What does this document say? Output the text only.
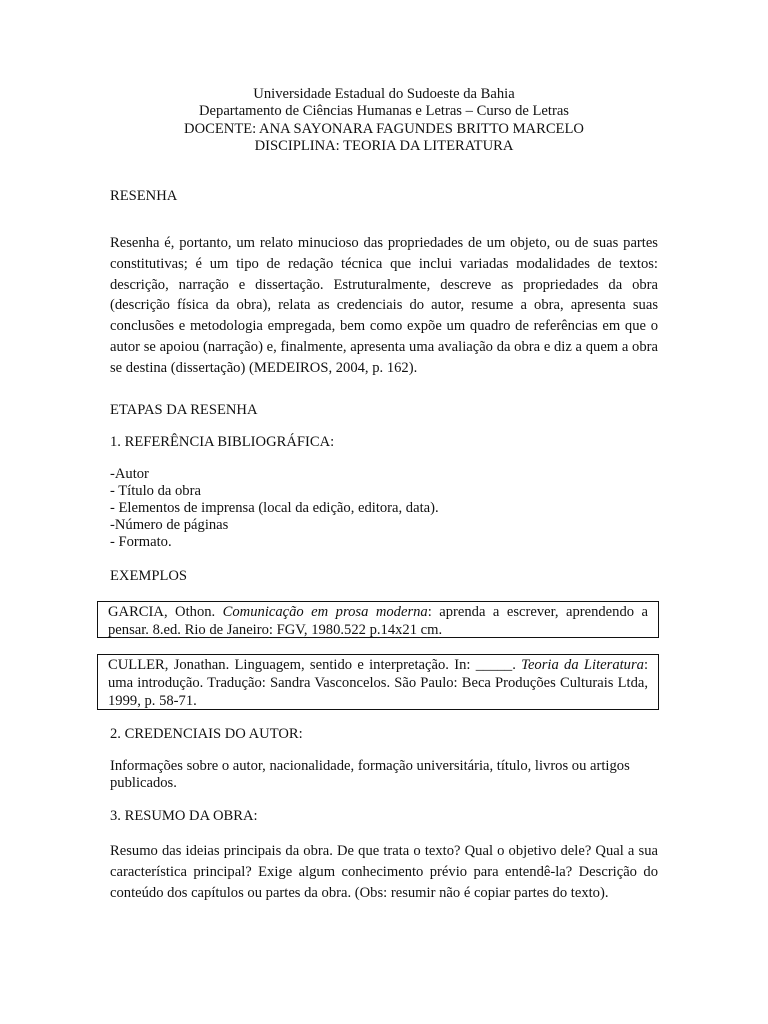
Universidade Estadual do Sudoeste da Bahia
Departamento de Ciências Humanas e Letras – Curso de Letras
DOCENTE: ANA SAYONARA FAGUNDES BRITTO MARCELO
DISCIPLINA: TEORIA DA LITERATURA
RESENHA
Resenha é, portanto, um relato minucioso das propriedades de um objeto, ou de suas partes constitutivas; é um tipo de redação técnica que inclui variadas modalidades de textos: descrição, narração e dissertação. Estruturalmente, descreve as propriedades da obra (descrição física da obra), relata as credenciais do autor, resume a obra, apresenta suas conclusões e metodologia empregada, bem como expõe um quadro de referências em que o autor se apoiou (narração) e, finalmente, apresenta uma avaliação da obra e diz a quem a obra se destina (dissertação) (MEDEIROS, 2004, p. 162).
ETAPAS DA RESENHA
1. REFERÊNCIA BIBLIOGRÁFICA:
-Autor
- Título da obra
- Elementos de imprensa (local da edição, editora, data).
-Número de páginas
- Formato.
EXEMPLOS
GARCIA, Othon. Comunicação em prosa moderna: aprenda a escrever, aprendendo a pensar. 8.ed. Rio de Janeiro: FGV, 1980.522 p.14x21 cm.
CULLER, Jonathan. Linguagem, sentido e interpretação. In: _____. Teoria da Literatura: uma introdução. Tradução: Sandra Vasconcelos. São Paulo: Beca Produções Culturais Ltda, 1999, p. 58-71.
2. CREDENCIAIS DO AUTOR:
Informações sobre o autor, nacionalidade, formação universitária, título, livros ou artigos publicados.
3. RESUMO DA OBRA:
Resumo das ideias principais da obra. De que trata o texto? Qual o objetivo dele? Qual a sua característica principal? Exige algum conhecimento prévio para entendê-la? Descrição do conteúdo dos capítulos ou partes da obra. (Obs: resumir não é copiar partes do texto).
